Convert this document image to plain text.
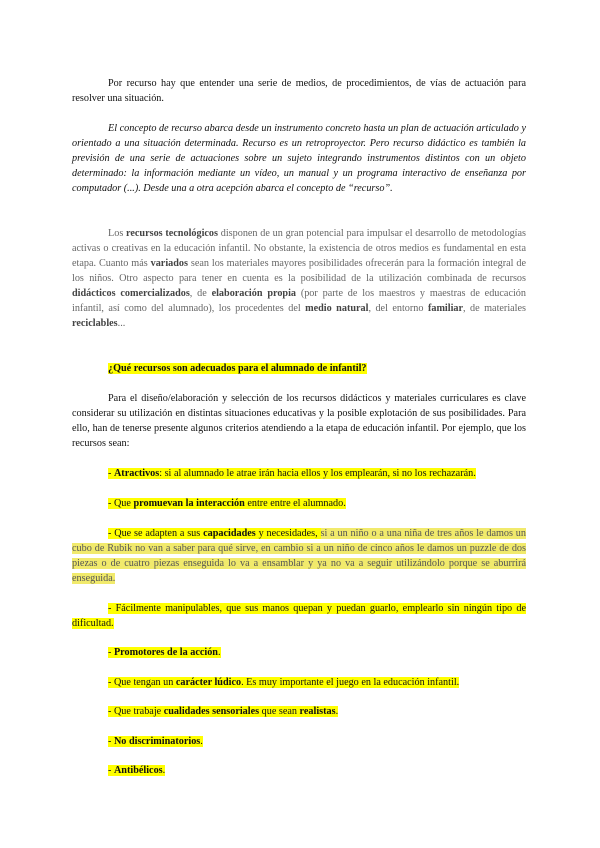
Por recurso hay que entender una serie de medios, de procedimientos, de vías de actuación para resolver una situación.

El concepto de recurso abarca desde un instrumento concreto hasta un plan de actuación articulado y orientado a una situación determinada. Recurso es un retroproyector. Pero recurso didáctico es también la previsión de una serie de actuaciones sobre un sujeto integrando instrumentos distintos con un objeto determinado: la información mediante un vídeo, un manual y un programa interactivo de enseñanza por computador (...). Desde una a otra acepción abarca el concepto de “recurso”.

Los recursos tecnológicos disponen de un gran potencial para impulsar el desarrollo de metodologías activas o creativas en la educación infantil. No obstante, la existencia de otros medios es fundamental en esta etapa. Cuanto más variados sean los materiales mayores posibilidades ofrecerán para la formación integral de los niños. Otro aspecto para tener en cuenta es la posibilidad de la utilización combinada de recursos didácticos comercializados, de elaboración propia (por parte de los maestros y maestras de educación infantil, así como del alumnado), los procedentes del medio natural, del entorno familiar, de materiales reciclables...

¿Qué recursos son adecuados para el alumnado de infantil?

Para el diseño/elaboración y selección de los recursos didácticos y materiales curriculares es clave considerar su utilización en distintas situaciones educativas y la posible explotación de sus posibilidades. Para ello, han de tenerse presente algunos criterios atendiendo a la etapa de educación infantil. Por ejemplo, que los recursos sean:

- Atractivos: si al alumnado le atrae irán hacia ellos y los emplearán, si no los rechazarán.

- Que promuevan la interacción entre entre el alumnado.

- Que se adapten a sus capacidades y necesidades, si a un niño o a una niña de tres años le damos un cubo de Rubik no van a saber para qué sirve, en cambio si a un niño de cinco años le damos un puzzle de dos piezas o de cuatro piezas enseguida lo va a ensamblar y ya no va a seguir utilizándolo porque se aburrirá enseguida.

- Fácilmente manipulables, que sus manos quepan y puedan guarlo, emplearlo sin ningún tipo de dificultad.

- Promotores de la acción.

- Que tengan un carácter lúdico. Es muy importante el juego en la educación infantil.

- Que trabaje cualidades sensoriales que sean realistas.

- No discriminatorios.

- Antibélicos.
